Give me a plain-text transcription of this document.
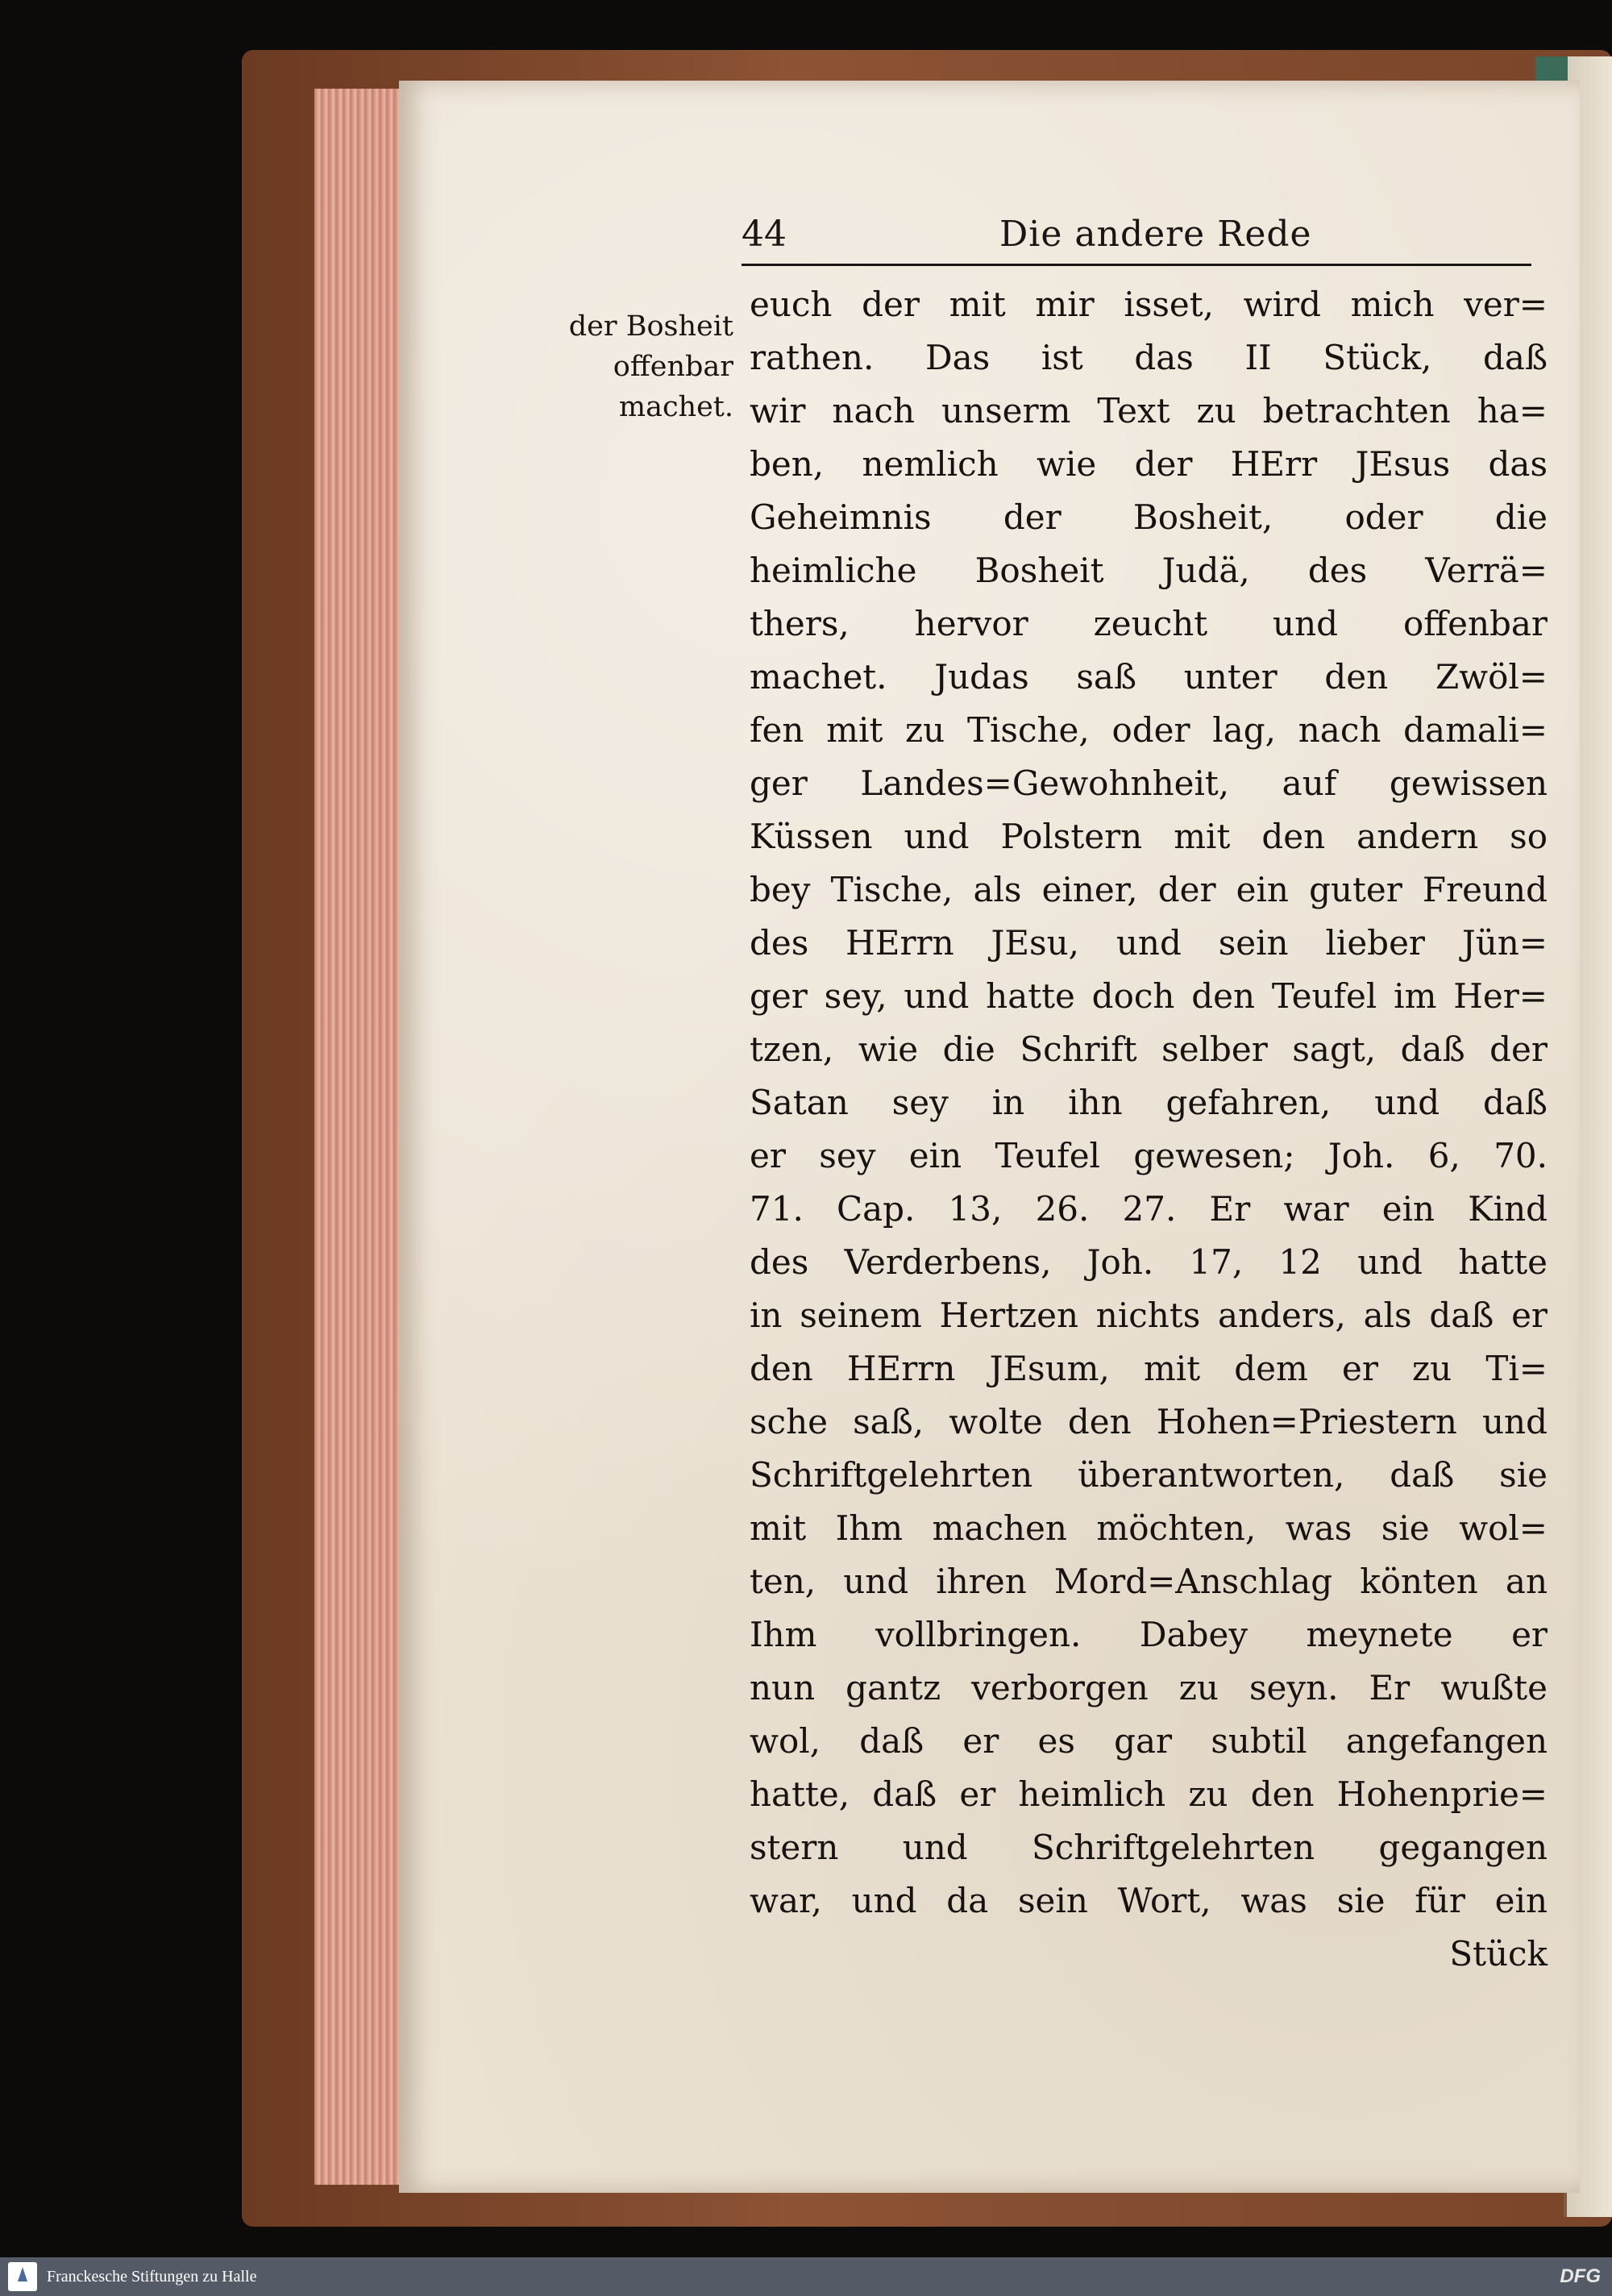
44	Die andere Rede
der Bosheit
offenbar
machet.
euch der mit mir isset, wird mich ver=
rathen. Das ist das II Stück, daß
wir nach unserm Text zu betrachten ha=
ben, nemlich wie der HErr JEsus das
Geheimnis der Bosheit, oder die
heimliche Bosheit Judä, des Verrä=
thers, hervor zeucht und offenbar
machet. Judas saß unter den Zwöl=
fen mit zu Tische, oder lag, nach damali=
ger Landes=Gewohnheit, auf gewissen
Küssen und Polstern mit den andern so
bey Tische, als einer, der ein guter Freund
des HErrn JEsu, und sein lieber Jün=
ger sey, und hatte doch den Teufel im Her=
tzen, wie die Schrift selber sagt, daß der
Satan sey in ihn gefahren, und daß
er sey ein Teufel gewesen; Joh. 6, 70.
71. Cap. 13, 26. 27. Er war ein Kind
des Verderbens, Joh. 17, 12 und hatte
in seinem Hertzen nichts anders, als daß er
den HErrn JEsum, mit dem er zu Ti=
sche saß, wolte den Hohen=Priestern und
Schriftgelehrten überantworten, daß sie
mit Ihm machen möchten, was sie wol=
ten, und ihren Mord=Anschlag könten an
Ihm vollbringen. Dabey meynete er
nun gantz verborgen zu seyn. Er wußte
wol, daß er es gar subtil angefangen
hatte, daß er heimlich zu den Hohenprie=
stern und Schriftgelehrten gegangen
war, und da sein Wort, was sie für ein
Stück
Franckesche Stiftungen zu Halle	DFG
